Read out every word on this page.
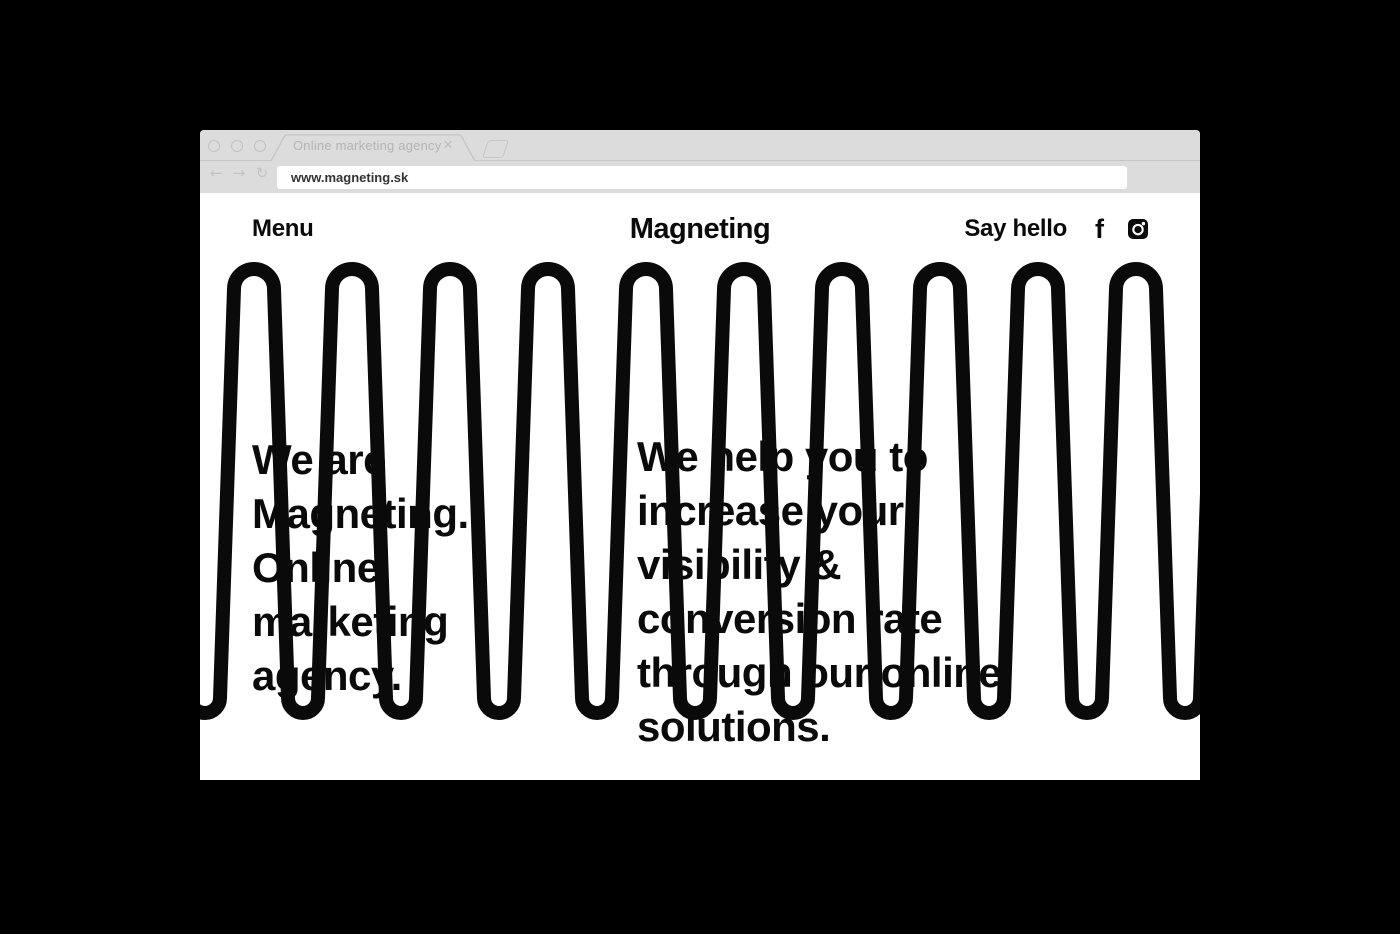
Online marketing agency ×
← → ↻
www.magneting.sk
Menu	Magneting	Say hello f
We are
Magneting.
Online
marketing
agency.
We help you to
increase your
visibility &
conversion rate
through our online
solutions.
